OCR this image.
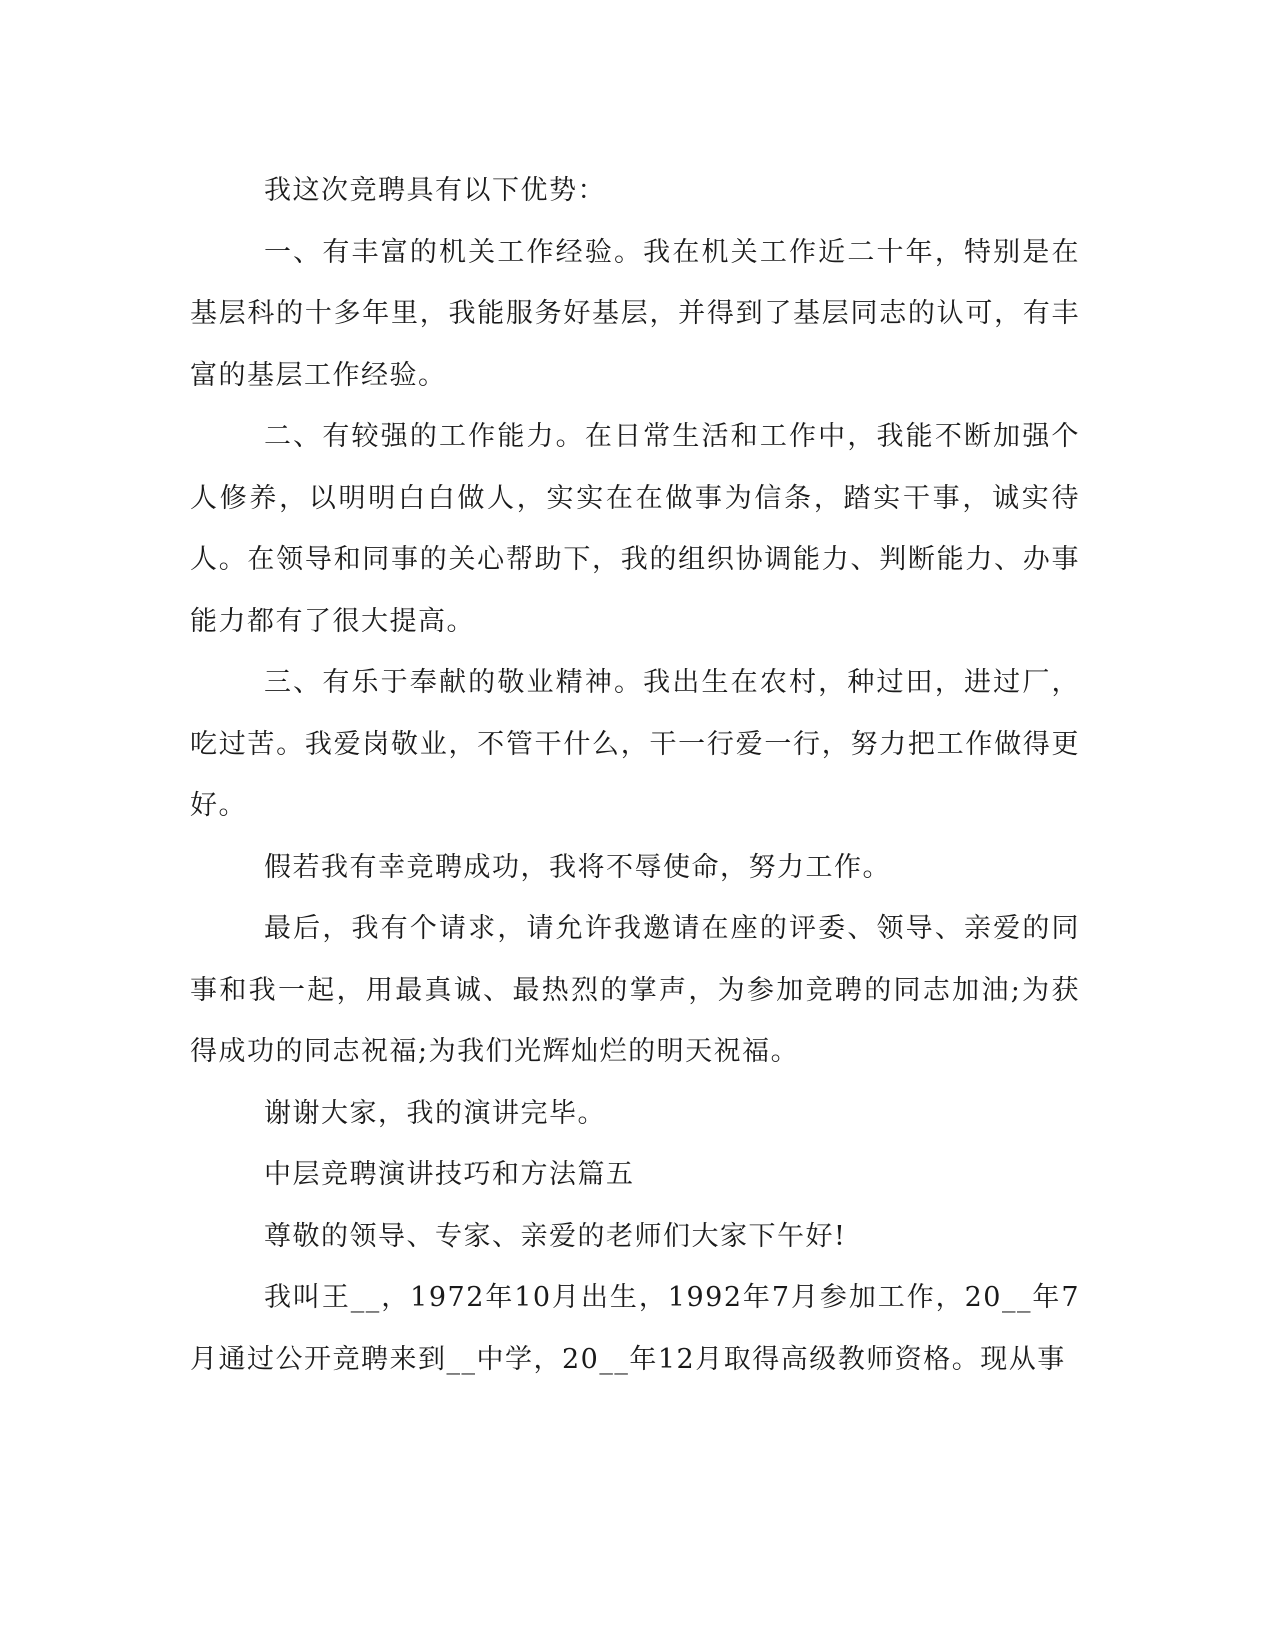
我这次竞聘具有以下优势：

一、有丰富的机关工作经验。我在机关工作近二十年，特别是在基层科的十多年里，我能服务好基层，并得到了基层同志的认可，有丰富的基层工作经验。

二、有较强的工作能力。在日常生活和工作中，我能不断加强个人修养，以明明白白做人，实实在在做事为信条，踏实干事，诚实待人。在领导和同事的关心帮助下，我的组织协调能力、判断能力、办事能力都有了很大提高。

三、有乐于奉献的敬业精神。我出生在农村，种过田，进过厂，吃过苦。我爱岗敬业，不管干什么，干一行爱一行，努力把工作做得更好。

假若我有幸竞聘成功，我将不辱使命，努力工作。

最后，我有个请求，请允许我邀请在座的评委、领导、亲爱的同事和我一起，用最真诚、最热烈的掌声，为参加竞聘的同志加油;为获得成功的同志祝福;为我们光辉灿烂的明天祝福。

谢谢大家，我的演讲完毕。

中层竞聘演讲技巧和方法篇五

尊敬的领导、专家、亲爱的老师们大家下午好!

我叫王__，1972年10月出生，1992年7月参加工作，20__年7月通过公开竞聘来到__中学，20__年12月取得高级教师资格。现从事
